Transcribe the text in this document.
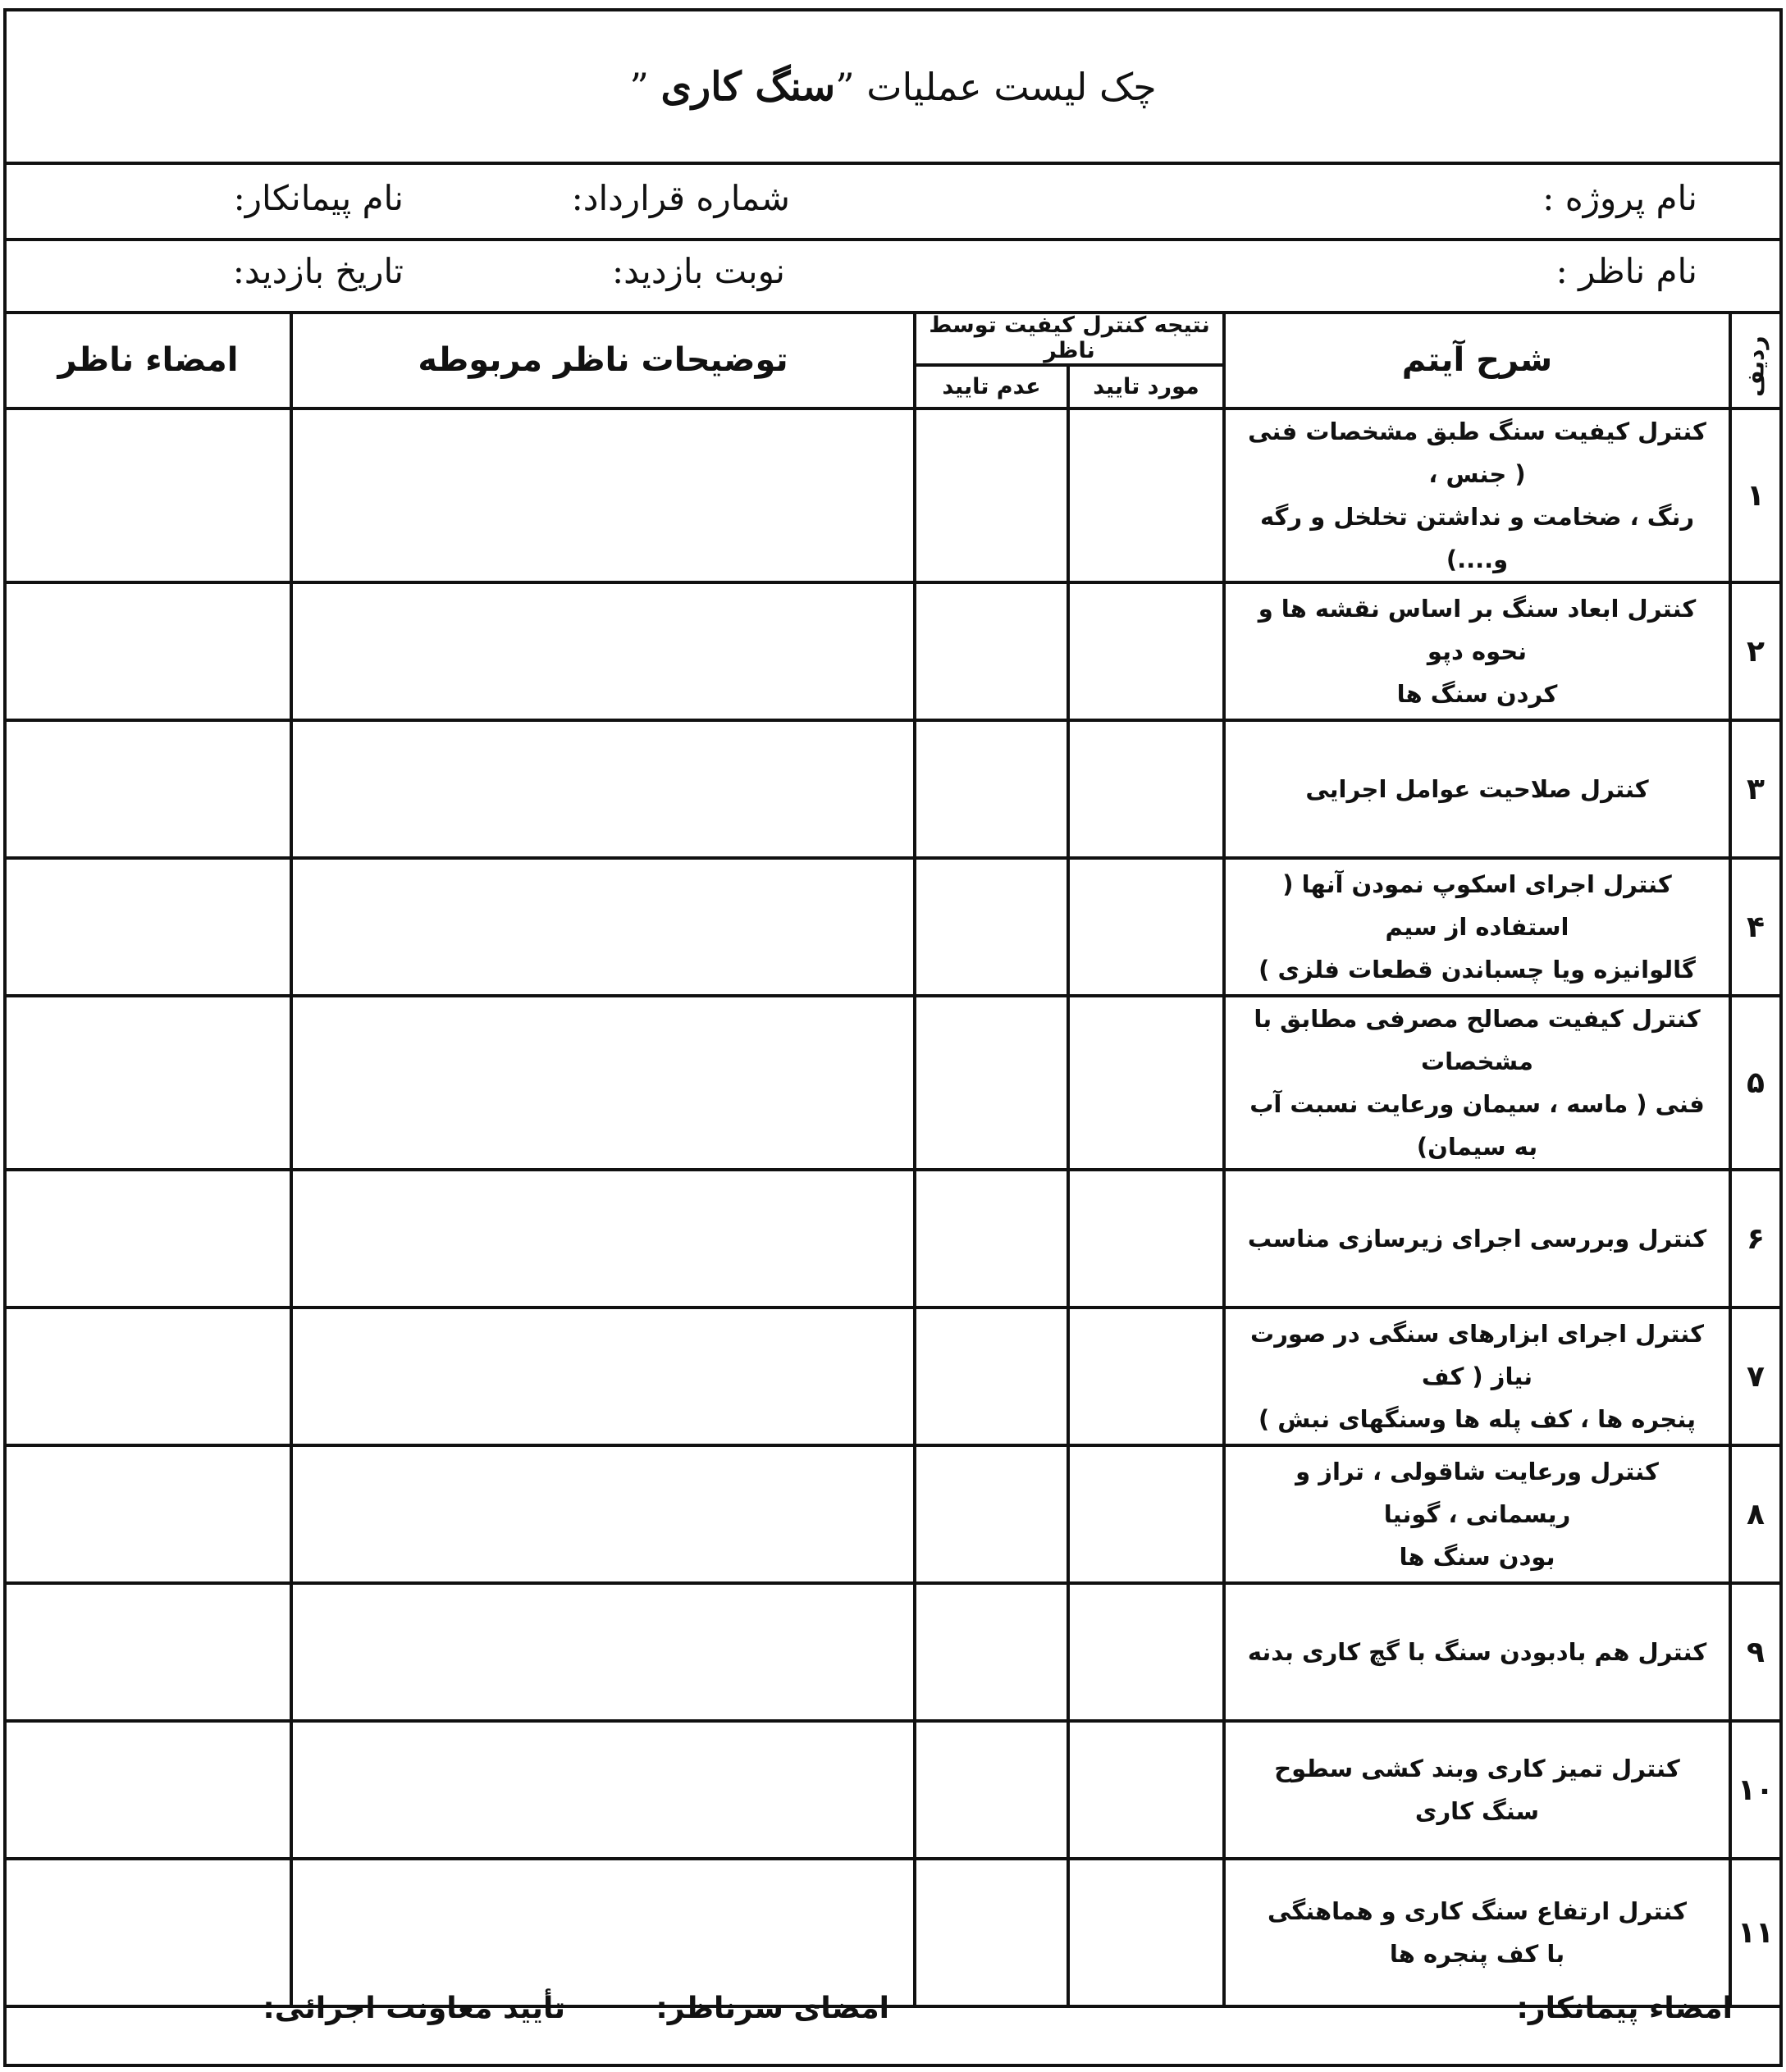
چک لیست عملیات ”سنگ کاری ”
نام پروژه :
شماره قرارداد:
نام پیمانکار:
نام ناظر :
نوبت بازدید:
تاریخ بازدید:
ردیف	شرح آیتم	نتیجه کنترل کیفیت توسط ناظر		توضیحات ناظر مربوطه	امضاء ناظر
		مورد تایید	عدم تایید		
۱	کنترل کیفیت سنگ طبق مشخصات فنی ( جنس ،
رنگ ، ضخامت و نداشتن تخلخل و رگه و....)				

۲	کنترل ابعاد سنگ بر اساس نقشه ها و نحوه دپو
کردن سنگ ها				

۳	کنترل صلاحیت عوامل اجرایی				

۴	کنترل اجرای اسکوپ نمودن آنها ( استفاده از سیم
گالوانیزه ویا چسباندن قطعات فلزی )				

۵	کنترل کیفیت مصالح مصرفی مطابق با مشخصات
فنی ( ماسه ، سیمان ورعایت نسبت آب به سیمان)				

۶	کنترل وبررسی اجرای زیرسازی مناسب				

۷	کنترل اجرای ابزارهای سنگی در صورت نیاز ( کف
پنجره ها ، کف پله ها وسنگهای نبش )				

۸	کنترل ورعایت شاقولی ، تراز و ریسمانی ، گونیا
بودن سنگ ها				

۹	کنترل هم بادبودن سنگ با گچ کاری بدنه				

۱۰	کنترل تمیز کاری وبند کشی سطوح سنگ کاری				

۱۱	کنترل ارتفاع سنگ کاری و هماهنگی
با کف پنجره ها				

امضاء پیمانکار:
امضای سرناظر:
تأیید معاونت اجرائی:
